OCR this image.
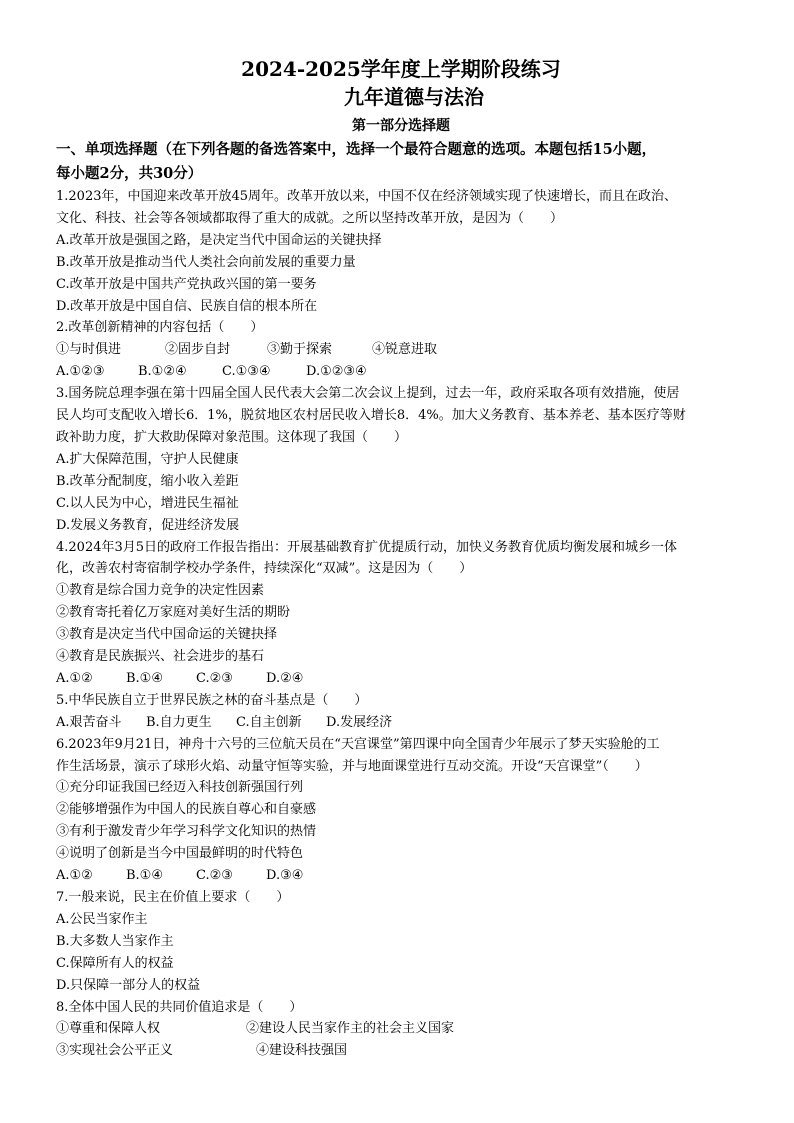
2024-2025学年度上学期阶段练习

九年道德与法治

第一部分选择题

一、单项选择题（在下列各题的备选答案中，选择一个最符合题意的选项。本题包括15小题，

每小题2分，共30分）

1.2023年，中国迎来改革开放45周年。改革开放以来，中国不仅在经济领域实现了快速增长，而且在政治、

文化、科技、社会等各领域都取得了重大的成就。之所以坚持改革开放，是因为（　　）

A.改革开放是强国之路，是决定当代中国命运的关键抉择

B.改革开放是推动当代人类社会向前发展的重要力量

C.改革开放是中国共产党执政兴国的第一要务

D.改革开放是中国自信、民族自信的根本所在

2.改革创新精神的内容包括（　　）

①与时俱进	②固步自封	③勤于探索	④锐意进取
A.①②③	B.①②④	C.①③④	D.①②③④

3.国务院总理李强在第十四届全国人民代表大会第二次会议上提到，过去一年，政府采取各项有效措施，使居

民人均可支配收入增长6．1%，脱贫地区农村居民收入增长8．4%。加大义务教育、基本养老、基本医疗等财

政补助力度，扩大救助保障对象范围。这体现了我国（　　）

A.扩大保障范围，守护人民健康

B.改革分配制度，缩小收入差距

C.以人民为中心，增进民生福祉

D.发展义务教育，促进经济发展

4.2024年3月5日的政府工作报告指出：开展基础教育扩优提质行动，加快义务教育优质均衡发展和城乡一体

化，改善农村寄宿制学校办学条件，持续深化“双减”。这是因为（　　）

①教育是综合国力竞争的决定性因素

②教育寄托着亿万家庭对美好生活的期盼

③教育是决定当代中国命运的关键抉择

④教育是民族振兴、社会进步的基石

A.①②	B.①④	C.②③	D.②④

5.中华民族自立于世界民族之林的奋斗基点是（　　）

A.艰苦奋斗	B.自力更生	C.自主创新	D.发展经济

6.2023年9月21日，神舟十六号的三位航天员在“天宫课堂”第四课中向全国青少年展示了梦天实验舱的工

作生活场景，演示了球形火焰、动量守恒等实验，并与地面课堂进行互动交流。开设“天宫课堂”（　　）

①充分印证我国已经迈入科技创新强国行列

②能够增强作为中国人的民族自尊心和自豪感

③有利于激发青少年学习科学文化知识的热情

④说明了创新是当今中国最鲜明的时代特色

A.①②	B.①④	C.②③	D.③④

7.一般来说，民主在价值上要求（　　）

A.公民当家作主

B.大多数人当家作主

C.保障所有人的权益

D.只保障一部分人的权益

8.全体中国人民的共同价值追求是（　　）

①尊重和保障人权	②建设人民当家作主的社会主义国家
③实现社会公平正义	④建设科技强国
